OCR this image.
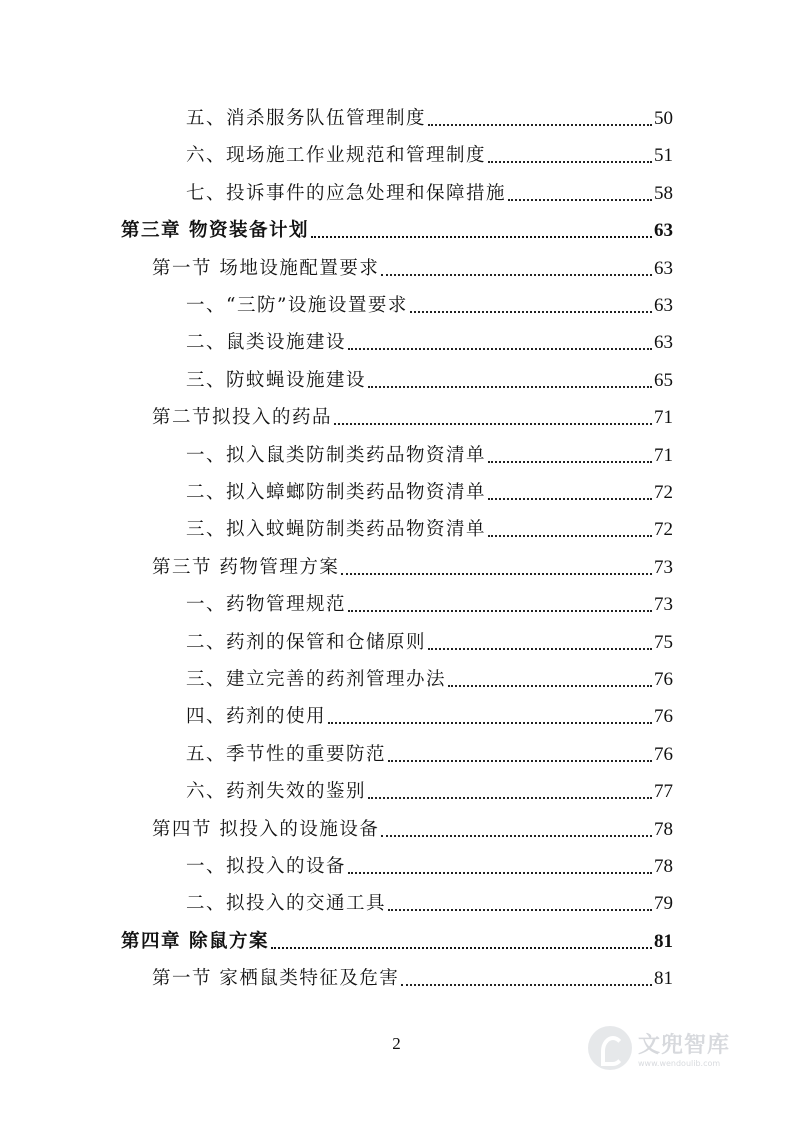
五、消杀服务队伍管理制度	50
六、现场施工作业规范和管理制度	51
七、投诉事件的应急处理和保障措施	58
第三章 物资装备计划	63
第一节 场地设施配置要求	63
一、“三防”设施设置要求	63
二、鼠类设施建设	63
三、防蚊蝇设施建设	65
第二节拟投入的药品	71
一、拟入鼠类防制类药品物资清单	71
二、拟入蟑螂防制类药品物资清单	72
三、拟入蚊蝇防制类药品物资清单	72
第三节 药物管理方案	73
一、药物管理规范	73
二、药剂的保管和仓储原则	75
三、建立完善的药剂管理办法	76
四、药剂的使用	76
五、季节性的重要防范	76
六、药剂失效的鉴别	77
第四节 拟投入的设施设备	78
一、拟投入的设备	78
二、拟投入的交通工具	79
第四章 除鼠方案	81
第一节 家栖鼠类特征及危害	81
2	文兜智库
www.wendoulib.com
